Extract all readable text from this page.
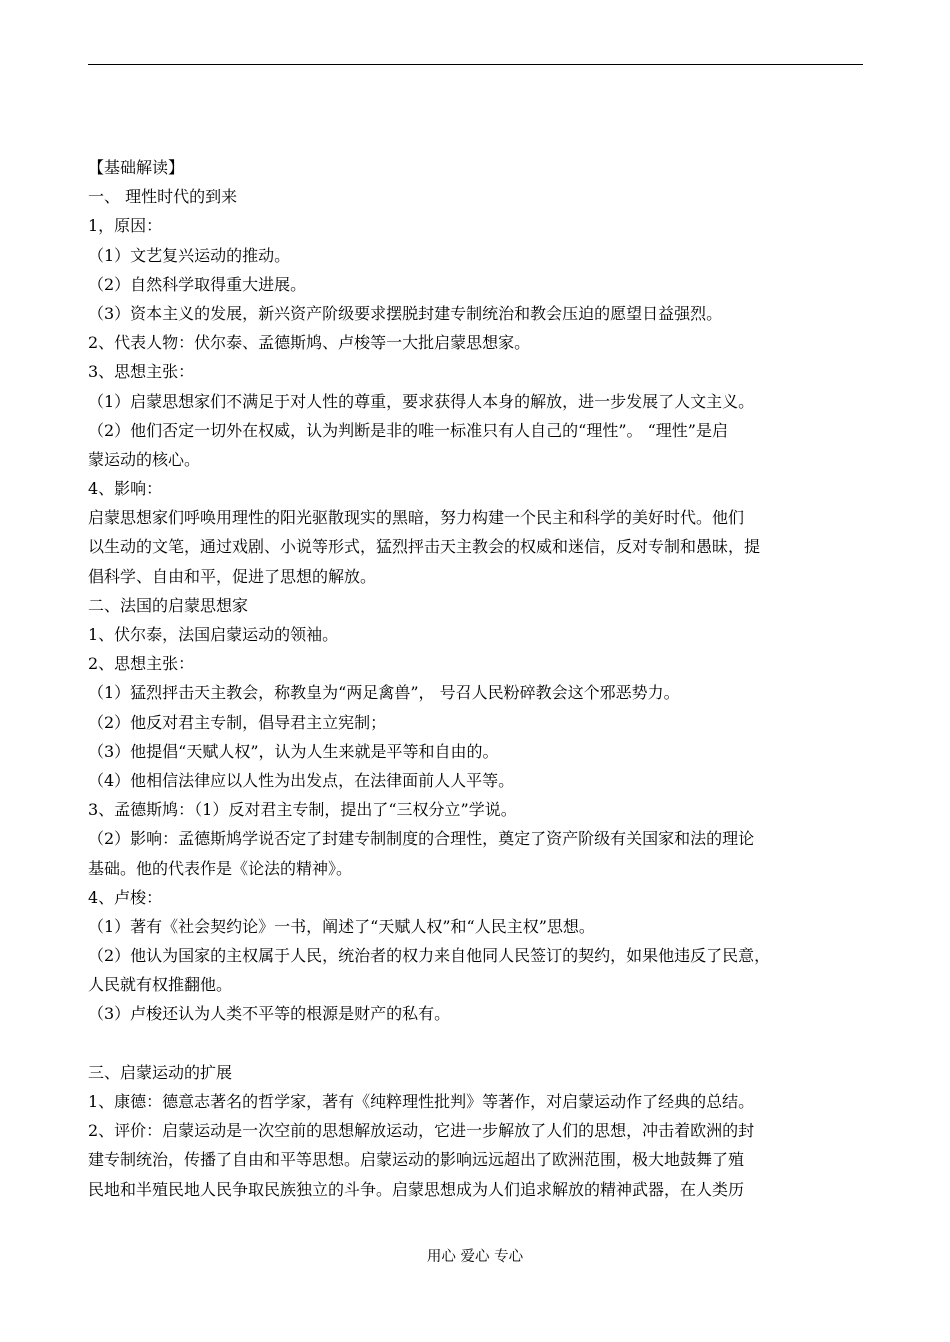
【基础解读】
一、 理性时代的到来
1，原因：
（1）文艺复兴运动的推动。
（2）自然科学取得重大进展。
（3）资本主义的发展，新兴资产阶级要求摆脱封建专制统治和教会压迫的愿望日益强烈。
2、代表人物：伏尔泰、孟德斯鸠、卢梭等一大批启蒙思想家。
3、思想主张：
（1）启蒙思想家们不满足于对人性的尊重，要求获得人本身的解放，进一步发展了人文主义。
（2）他们否定一切外在权威，认为判断是非的唯一标准只有人自己的“理性”。 “理性”是启
蒙运动的核心。
4、影响：
启蒙思想家们呼唤用理性的阳光驱散现实的黑暗，努力构建一个民主和科学的美好时代。他们
以生动的文笔，通过戏剧、小说等形式，猛烈抨击天主教会的权威和迷信，反对专制和愚昧，提
倡科学、自由和平，促进了思想的解放。
二、法国的启蒙思想家
1、伏尔泰，法国启蒙运动的领袖。
2、思想主张：
（1）猛烈抨击天主教会，称教皇为“两足禽兽”， 号召人民粉碎教会这个邪恶势力。
（2）他反对君主专制，倡导君主立宪制；
（3）他提倡“天赋人权”，认为人生来就是平等和自由的。
（4）他相信法律应以人性为出发点，在法律面前人人平等。
3、孟德斯鸠：（1）反对君主专制，提出了“三权分立”学说。
（2）影响：孟德斯鸠学说否定了封建专制制度的合理性，奠定了资产阶级有关国家和法的理论
基础。他的代表作是《论法的精神》。
4、卢梭：
（1）著有《社会契约论》一书，阐述了“天赋人权”和“人民主权”思想。
（2）他认为国家的主权属于人民，统治者的权力来自他同人民签订的契约，如果他违反了民意，
人民就有权推翻他。
（3）卢梭还认为人类不平等的根源是财产的私有。
三、启蒙运动的扩展
1、康德：德意志著名的哲学家，著有《纯粹理性批判》等著作，对启蒙运动作了经典的总结。
2、评价：启蒙运动是一次空前的思想解放运动，它进一步解放了人们的思想，冲击着欧洲的封
建专制统治，传播了自由和平等思想。启蒙运动的影响远远超出了欧洲范围，极大地鼓舞了殖
民地和半殖民地人民争取民族独立的斗争。启蒙思想成为人们追求解放的精神武器，在人类历
用心 爱心 专心
